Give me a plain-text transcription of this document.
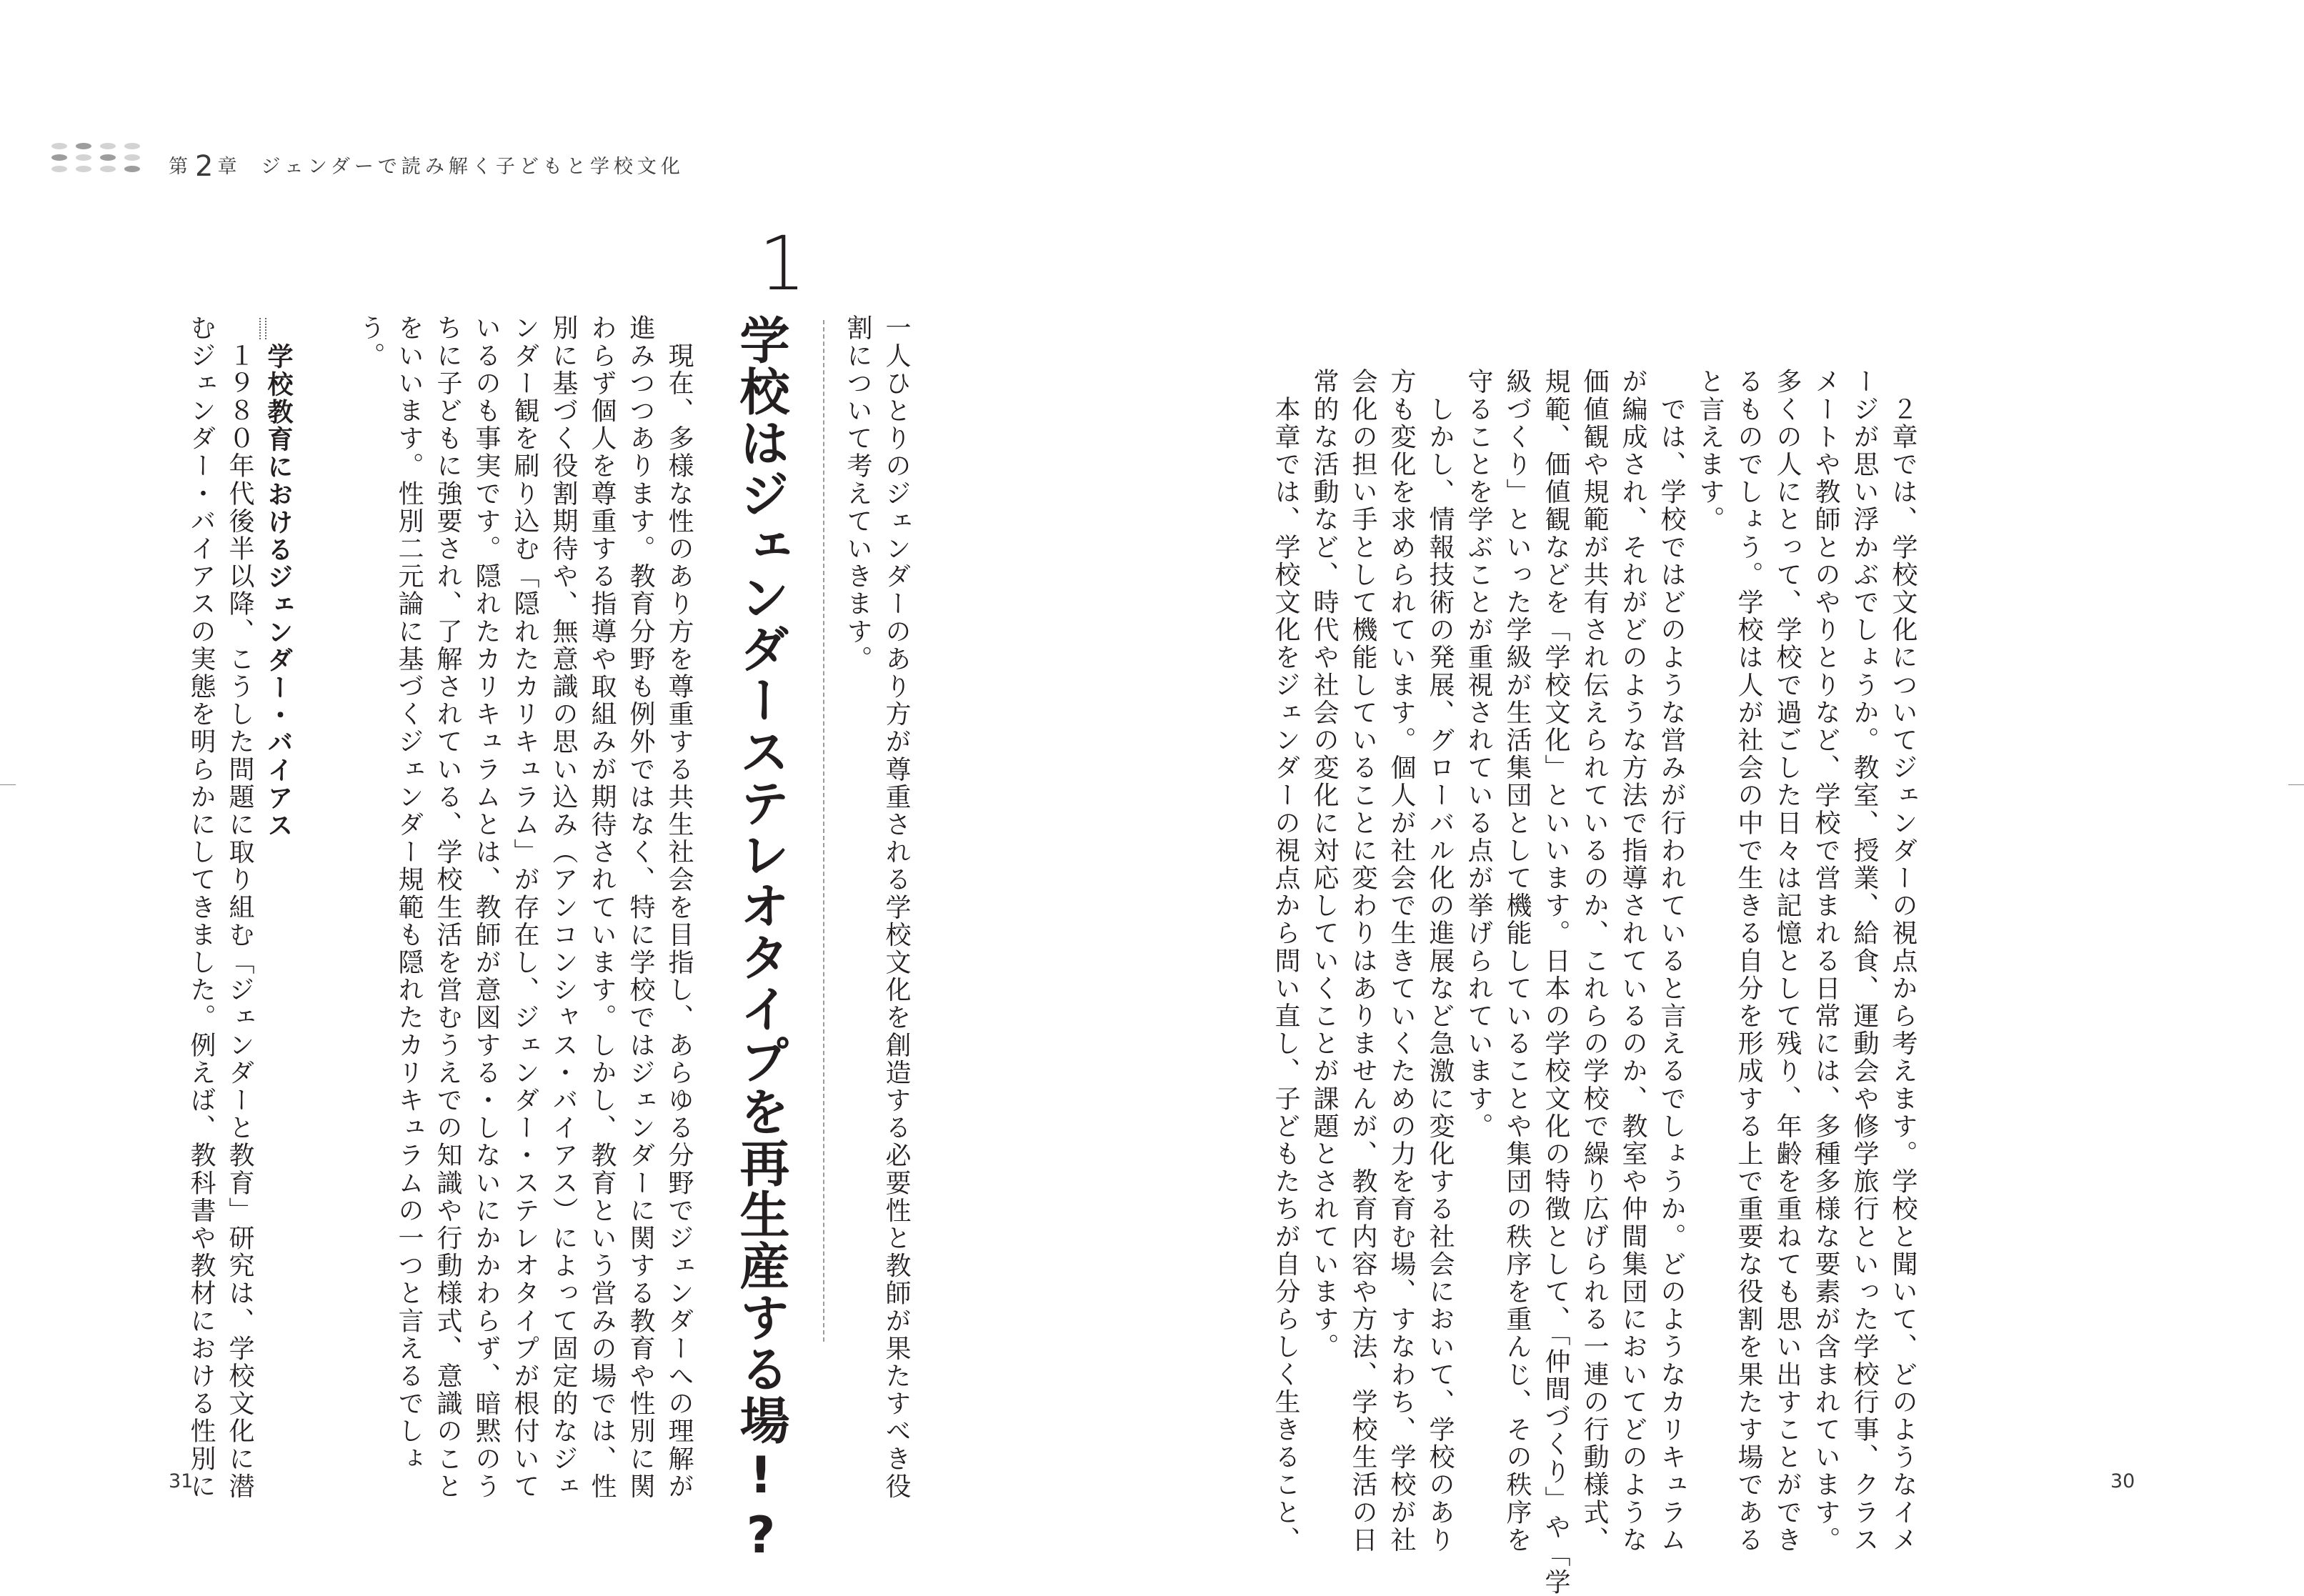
第 2 章 ジェンダーで読み解く子どもと学校文化
　２章では、学校文化についてジェンダーの視点から考えます。学校と聞いて、どのようなイメ
ージが思い浮かぶでしょうか。教室、授業、給食、運動会や修学旅行といった学校行事、クラス
メートや教師とのやりとりなど、学校で営まれる日常には、多種多様な要素が含まれています。
多くの人にとって、学校で過ごした日々は記憶として残り、年齢を重ねても思い出すことができ
るものでしょう。学校は人が社会の中で生きる自分を形成する上で重要な役割を果たす場である
と言えます。
　では、学校ではどのような営みが行われていると言えるでしょうか。どのようなカリキュラム
が編成され、それがどのような方法で指導されているのか、教室や仲間集団においてどのような
価値観や規範が共有され伝えられているのか、これらの学校で繰り広げられる一連の行動様式、
規範、価値観などを「学校文化」といいます。日本の学校文化の特徴として、「仲間づくり」や「学
級づくり」といった学級が生活集団として機能していることや集団の秩序を重んじ、その秩序を
守ることを学ぶことが重視されている点が挙げられています。
　しかし、情報技術の発展、グローバル化の進展など急激に変化する社会において、学校のあり
方も変化を求められています。個人が社会で生きていくための力を育む場、すなわち、学校が社
会化の担い手として機能していることに変わりはありませんが、教育内容や方法、学校生活の日
常的な活動など、時代や社会の変化に対応していくことが課題とされています。
　本章では、学校文化をジェンダーの視点から問い直し、子どもたちが自分らしく生きること、	30
1
学校はジェンダーステレオタイプを再生産する場!?	一人ひとりのジェンダーのあり方が尊重される学校文化を創造する必要性と教師が果たすべき役
割について考えていきます。
　現在、多様な性のあり方を尊重する共生社会を目指し、あらゆる分野でジェンダーへの理解が
進みつつあります。教育分野も例外ではなく、特に学校ではジェンダーに関する教育や性別に関
わらず個人を尊重する指導や取組みが期待されています。しかし、教育という営みの場では、性
別に基づく役割期待や、無意識の思い込み（アンコンシャス・バイアス）によって固定的なジェ
ンダー観を刷り込む「隠れたカリキュラム」が存在し、ジェンダー・ステレオタイプが根付いて
いるのも事実です。隠れたカリキュラムとは、教師が意図する・しないにかかわらず、暗黙のう
ちに子どもに強要され、了解されている、学校生活を営むうえでの知識や行動様式、意識のこと
をいいます。性別二元論に基づくジェンダー規範も隠れたカリキュラムの一つと言えるでしょ
う。
学校教育におけるジェンダー・バイアス
　１９８０年代後半以降、こうした問題に取り組む「ジェンダーと教育」研究は、学校文化に潜
むジェンダー・バイアスの実態を明らかにしてきました。例えば、教科書や教材における性別に
31
